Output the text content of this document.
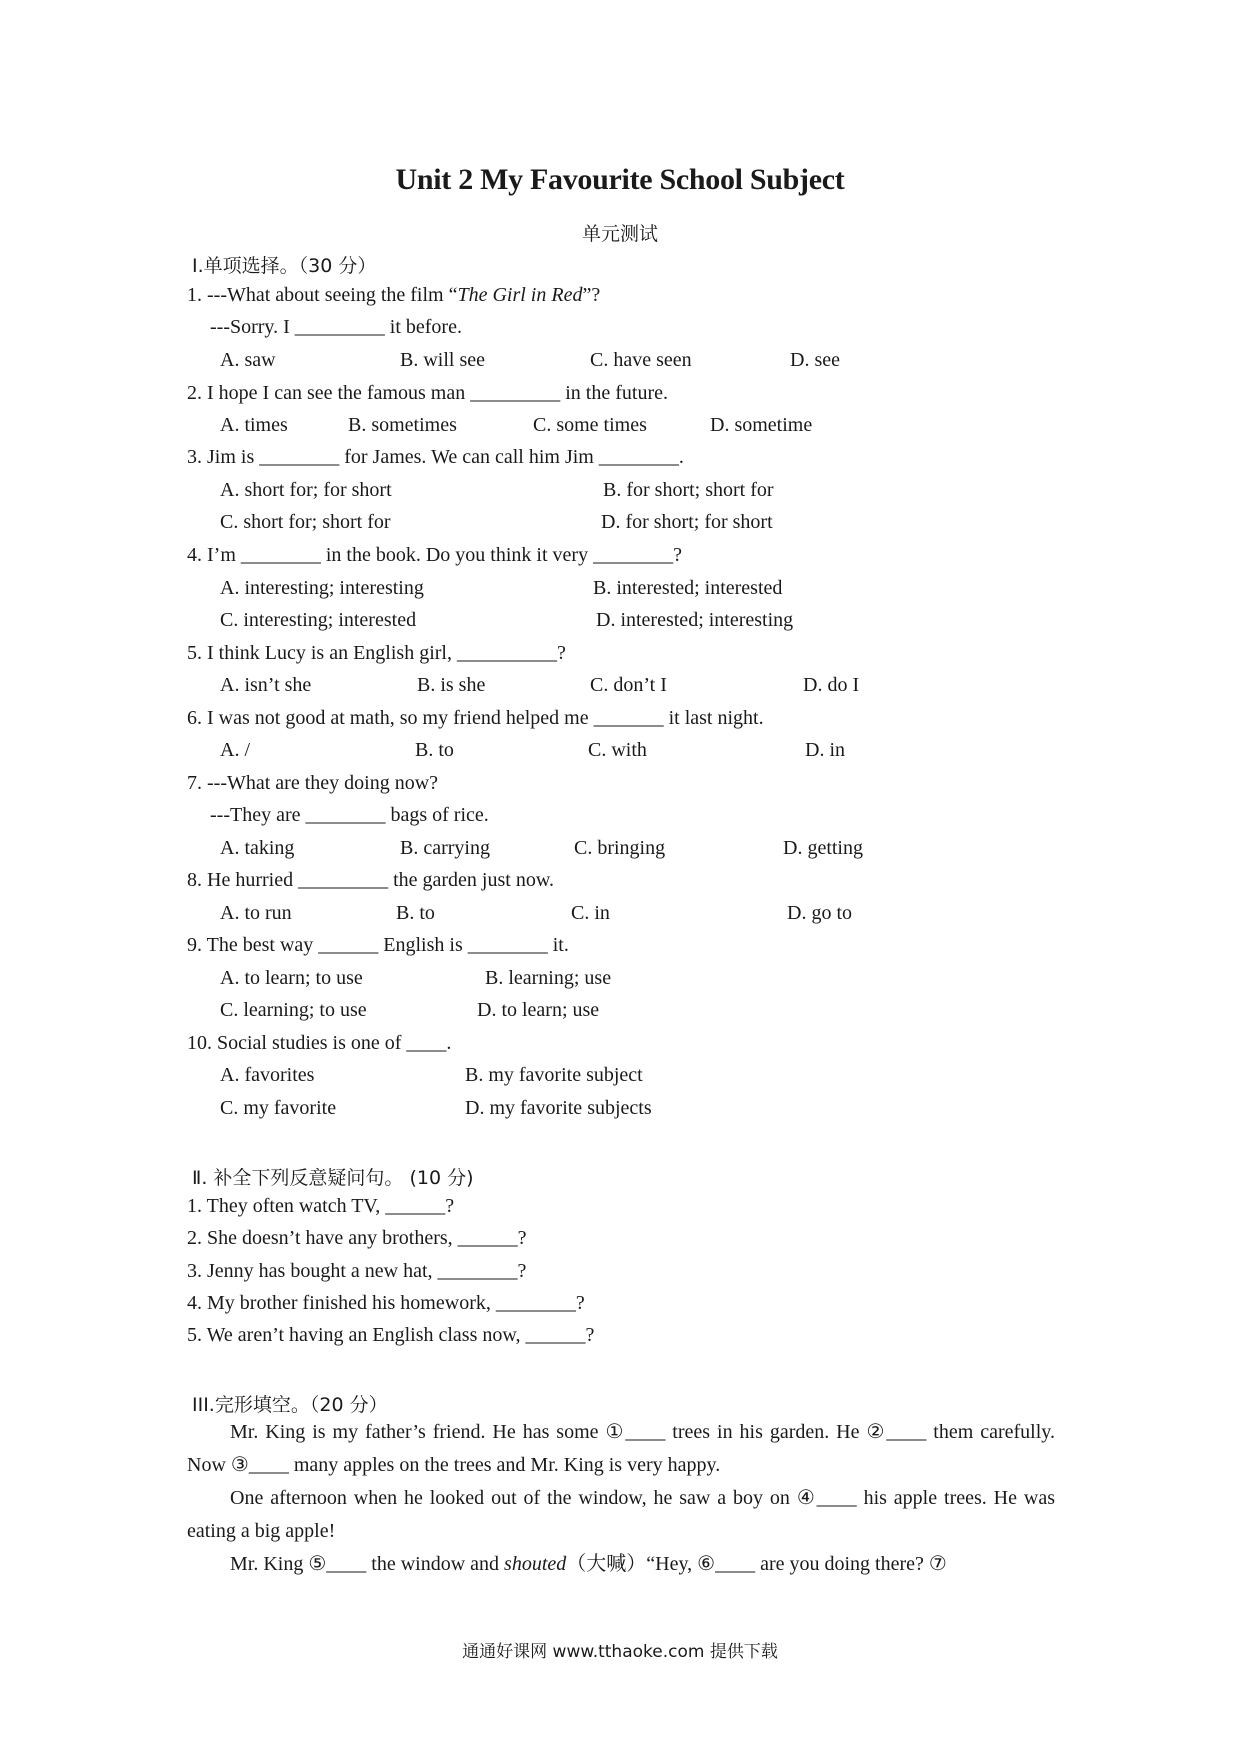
Unit 2 My Favourite School Subject
单元测试
Ⅰ.单项选择。（30 分）
1. ---What about seeing the film “The Girl in Red”?
---Sorry. I _________ it before.
A. saw	B. will see	C. have seen	D. see
2. I hope I can see the famous man _________ in the future.
A. times	B. sometimes	C. some times	D. sometime
3. Jim is ________ for James. We can call him Jim ________.
A. short for; for short	B. for short; short for
C. short for; short for	D. for short; for short
4. I’m ________ in the book. Do you think it very ________?
A. interesting; interesting	B. interested; interested
C. interesting; interested	D. interested; interesting
5. I think Lucy is an English girl, __________?
A. isn’t she	B. is she	C. don’t I	D. do I
6. I was not good at math, so my friend helped me _______ it last night.
A. /	B. to	C. with	D. in
7. ---What are they doing now?
---They are ________ bags of rice.
A. taking	B. carrying	C. bringing	D. getting
8. He hurried _________ the garden just now.
A. to run	B. to	C. in	D. go to
9. The best way ______ English is ________ it.
A. to learn; to use	B. learning; use
C. learning; to use	D. to learn; use
10. Social studies is one of ____.
A. favorites	B. my favorite subject
C. my favorite	D. my favorite subjects
Ⅱ. 补全下列反意疑问句。 (10 分)
1. They often watch TV, ______?
2. She doesn’t have any brothers, ______?
3. Jenny has bought a new hat, ________?
4. My brother finished his homework, ________?
5. We aren’t having an English class now, ______?
III.完形填空。（20 分）
Mr. King is my father’s friend. He has some ①____ trees in his garden. He ②____ them carefully. Now ③____ many apples on the trees and Mr. King is very happy.
One afternoon when he looked out of the window, he saw a boy on ④____ his apple trees. He was eating a big apple!
Mr. King ⑤____ the window and shouted（大喊）“Hey, ⑥____ are you doing there? ⑦
通通好课网 www.tthaoke.com 提供下载
